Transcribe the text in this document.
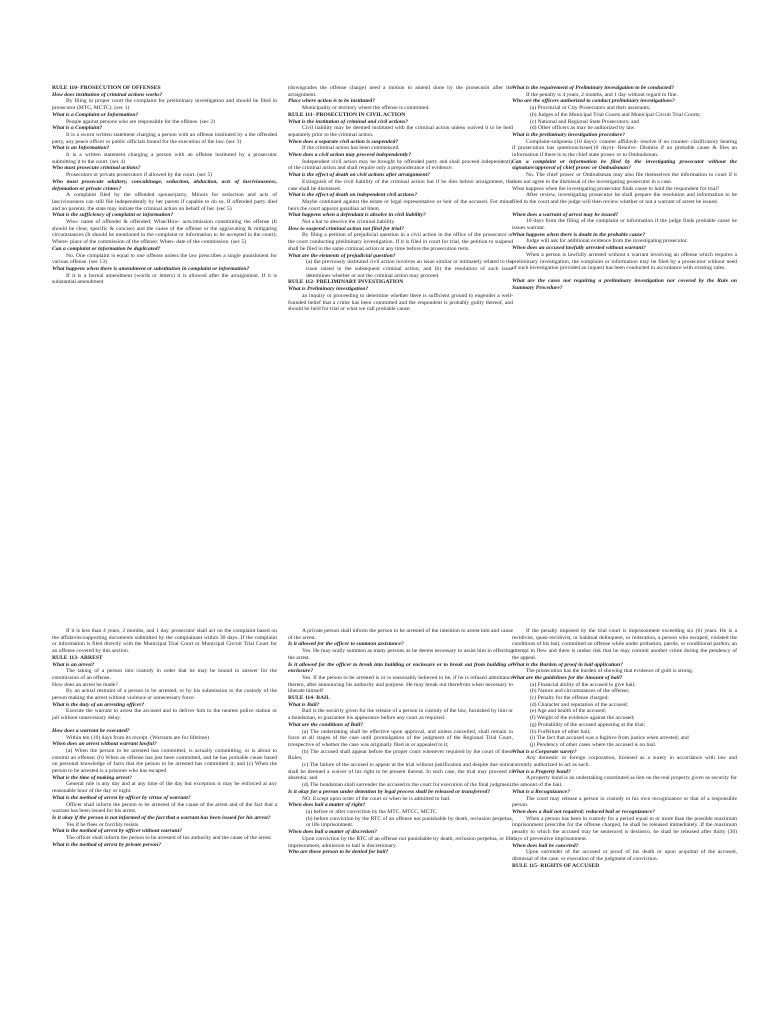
RULE 110- PROSECUTION OF OFFENSES

How does institution of criminal actions works?

By filing in proper court the complaint for preliminary investigation and should be filed in prosecutor (MTC, MCTC). (sec 1)

What is a Complaint or Information?

People against persons who are responsible for the offense. (sec 2)

What is a Complaint?

It is a sworn written statement charging a person with an offense instituted by a the offended party, any peace officer or public officials bound for the execution of the law. (sec 3)

What is an Information?

It is a written statement charging a person with an offense instituted by a prosecutor submitting it to the court. (sec 4)

Who must prosecute criminal actions?

Prosecutors or private prosecutors if allowed by the court. (sec 5)

Who must prosecute adultery, concubinage, seduction, abduction, acts of lasciviousness, defamation or private crimes?

A complaint filed by the offended spouse/party. Minors for seduction and acts of lasciviousness can still file independently by her parent if capable to do so. If offended party died and no parents, the state may initiate the criminal action on behalf of her. (sec 5)

What is the sufficiency of complaint or information?

Who- name of offender & offended; What/How- acts/omission constituting the offense (It should be clear, specific & concise) and the cause of the offense or the aggravating & mitigating circumstances (It should be mentioned in the complaint or information to be accepted in the court); Where- place of the commission of the offense; When- date of the commission. (sec 5)

Can a complaint or information be duplicated?

No. One complaint is equal to one offense unless the law prescribes a single punishment for various offense. (sec 13)

What happens when there is amendment or substitution in complaint or information?

If it is a formal amendment (words or letters) it is allowed after the arraignment. If it is substantial amendment

(downgrades the offense charge) need a motion to amend done by the prosecutor after the arraignment.

Place where action is to be instituted?

Municipality or territory where the offense is committed.

RULE 111- PROSECUTION IN CIVIL ACTION

What is the institution of criminal and civil actions?

Civil liability may be deemed instituted with the criminal action unless waived it to be held separately prior to the criminal action.

When does a separate civil action is suspended?

If the criminal action has been commenced.

When does a civil action may proceed independently?

Independent civil action may be brought by offended party and shall proceed independently of the criminal action and shall require only a preponderance of evidence.

What is the effect of death on civil actions after arraignment?

Extinguish of the civil liability of the criminal action but if he dies before arraignment, the case shall be dismissed.

What is the effect of death on independent civil actions?

Maybe continued against the estate or legal representative or heir of the accused. For minor heirs the court appoint guardian ad litem.

What happens when a defendant is absolve in civil liability?

Not a bar to absolve the criminal liability.

How to suspend criminal action not filed for trial?

By filing a petition of prejudicial question in a civil action in the office of the prosecutor or the court conducting preliminary investigation. If it is filed in court for trial, the petition to suspend shall be filed in the same criminal action at any time before the prosecution rests.

What are the elements of prejudicial question?

(a) the previously instituted civil action involves an issue similar or intimately related to the issue raised in the subsequent criminal action, and (b) the resolution of such issue determines whether or not the criminal action may proceed.

RULE 112- PRELIMINARY INVESTIGATION

What is Preliminary investigation?

an inquiry or proceeding to determine whether there is sufficient ground to engender a well-founded belief that a crime has been committed and the respondent is probably guilty thereof, and should be held for trial or what we call probable cause.

What is the requirement of Preliminary investigation to be conducted?

If the penalty is 4 years, 2 months, and 1 day without regard to fine.

Who are the officers authorized to conduct preliminary investigations?

(a) Provincial or City Prosecutors and their assistants;

(b) Judges of the Municipal Trial Courts and Municipal Circuit Trial Courts;

(c) National and Regional State Prosecutors; and

(d) Other officers as may be authorized by law.

What is the preliminary investigation procedure?

Complaint-subpoena (10 days)- counter affidavit- resolve if no counter- clarificatory hearing if prosecution has questions/issue(10 days)- Resolve. Dismiss if no probable cause & files an information if there is to the chief state prosec or to Ombudsman.

Can a complaint or information be filed by the investigating prosecutor without the signature/approval of chief prosec or Ombudsman?

No. The chief prosec or Ombudsman may also file themselves the information to court if it does not agree to the dismissal of the investigating prosecutor in a case.

What happens when the investigating prosecutor finds cause to hold the respondent for trial?

After review, investigating prosecutor he shall prepare the resolution and information to be filed to the court and the judge will then review whether or not a warrant of arrest be issued.

When does a warrant of arrest may be issued?

10 days from the filing of the complaint or information if the judge finds probable cause he issues warrant.

What happens when there is doubt in the probable cause?

Judge will ask for additional evidence from the investigating prosecutor.

When does an accused lawfully arrested without warrant?

When a person is lawfully arrested without a warrant involving an offense which requires a preliminary investigation, the complaint or information may be filed by a prosecutor without need of such investigation provided an inquest has been conducted in accordance with existing rules.

What are the cases not requiring a preliminary investigation nor covered by the Rule on Summary Procedure?

If it is less than 4 years, 2 months, and 1 day. prosecutor shall act on the complaint based on the affidavits/supporting documents submitted by the complainant within 30 days. If the complaint or information is filed directly with the Municipal Trial Court or Municipal Circuit Trial Court for an offense covered by this section.

RULE 113- ARREST

What is an arrest?

The taking of a person into custody in order that he may be bound to answer for the commission of an offense.

How does an arrest be made?

By an actual restraint of a person to be arrested, or by his submission to the custody of the person making the arrest without violence or unnecessary force.

What is the duty of an arresting officer?

Execute the warrant to arrest the accused and to deliver him to the nearest police station or jail without unnecessary delay.

How does a warrant be executed?

Within ten (10) days from its receipt. (Warrants are for lifetime)

When does an arrest without warrant lawful?

(a) When the person to be arrested has committed, is actually committing, or is about to commit an offense; (b) When an offense has just been committed, and he has probable cause based on personal knowledge of facts that the person to be arrested has committed it; and (c) When the person to be arrested is a prisoner who has escaped.

What is the time of making arrest?

General rule is any day and at any time of the day but exception is may be enforced at any reasonable hour of the day or night.

What is the method of arrest by officer by virtue of warrant?

Officer shall inform the person to be arrested of the cause of the arrest and of the fact that a warrant has been issued for his arrest.

Is it okay if the person is not informed of the fact that a warrant has been issued for his arrest?

Yes if he flees or forcibly resists.

What is the method of arrest by officer without warrant?

The officer shall inform the person to be arrested of his authority and the cause of the arrest.

What is the method of arrest by private person?

A private person shall inform the person to be arrested of the intention to arrest him and cause of the arrest.

Is it allowed for the officer to summon assistance?

Yes. He may orally summon as many persons as he deems necessary to assist him in effecting the arrest.

Is it allowed for the officer to break into building or enclosure or to break out from building or enclosure?

Yes. If the person to be arrested is or is reasonably believed to be, if he is refused admittance thereto, after announcing his authority and purpose. He may break out therefrom when necessary to liberate himself

RULE 114- BAIL

What is Bail?

Bail is the security given for the release of a person in custody of the law, furnished by him or a bondsman, to guarantee his appearance before any court as required.

What are the conditions of Bail?

(a) The undertaking shall be effective upon approval, and unless cancelled, shall remain in force at all stages of the case until promulgation of the judgment of the Regional Trial Court, irrespective of whether the case was originally filed in or appealed to it;

(b) The accused shall appear before the proper court whenever required by the court of these Rules;

(c) The failure of the accused to appear at the trial without justification and despite due notice shall be deemed a waiver of his right to be present thereat. In such case, the trial may proceed in absentia; and

(d) The bondsman shall surrender the accused to the court for execution of the final judgment.

Is it okay for a person under detention by legal process shall be released or transferred?

NO. Except upon order of the court or when he is admitted to bail.

When does bail a matter of right?

(a) before or after conviction by the MTC, MTCC, MCTC

(b) before conviction by the RTC of an offense not punishable by death, reclusion perpetua, or life imprisonment.

When does bail a matter of discretion?

Upon conviction by the RTC of an offense not punishable by death, reclusion perpetua, or life imprisonment, admission to bail is discretionary.

Who are those person to be denied for bail?

If the penalty imposed by the trial court is imprisonment exceeding six (6) years. He is a recidivist, quasi-recidivist, or habitual delinquent, or reiteration, a person who escaped, violated the conditions of his bail, committed an offense while under probation, parole, or conditional pardon, an attempt to flew and there is undue risk that he may commit another crime during the pendency of the appeal.

What is the Burden of proof in bail application?

The prosecution has the burden of showing that evidence of guilt is strong.

What are the guidelines for the Amount of bail?

(a) Financial ability of the accused to give bail;

(b) Nature and circumstances of the offense;

(c) Penalty for the offense charged;

(d) Character and reputation of the accused;

(e) Age and health of the accused;

(f) Weight of the evidence against the accused;

(g) Probability of the accused appearing at the trial;

(h) Forfeiture of other bail;

(i) The fact that accused was a fugitive from justice when arrested; and

(j) Pendency of other cases where the accused is on bail.

What is a Corporate surety?

Any domestic or foreign corporation, licensed as a surety in accordance with law and currently authorized to act as such.

What is a Property bond?

A property bond is an undertaking constituted as lien on the real property given as security for the amount of the bail.

What is a Recognizance?

The court may release a person in custody to his own recognizance or that of a responsible person.

When does a Bail not required; reduced bail or recognizance?

When a person has been in custody for a period equal to or more than the possible maximum imprisonment prescribe for the offense charged, he shall be released immediately. If the maximum penalty to which the accused may be sentenced is destierro, he shall be released after thirty (30) days of preventive imprisonment.

When does bail be canceled?

Upon surrender of the accused or proof of his death or upon acquittal of the accused, dismissal of the case, or execution of the judgment of conviction.

RULE 115- RIGHTS OF ACCUSED
